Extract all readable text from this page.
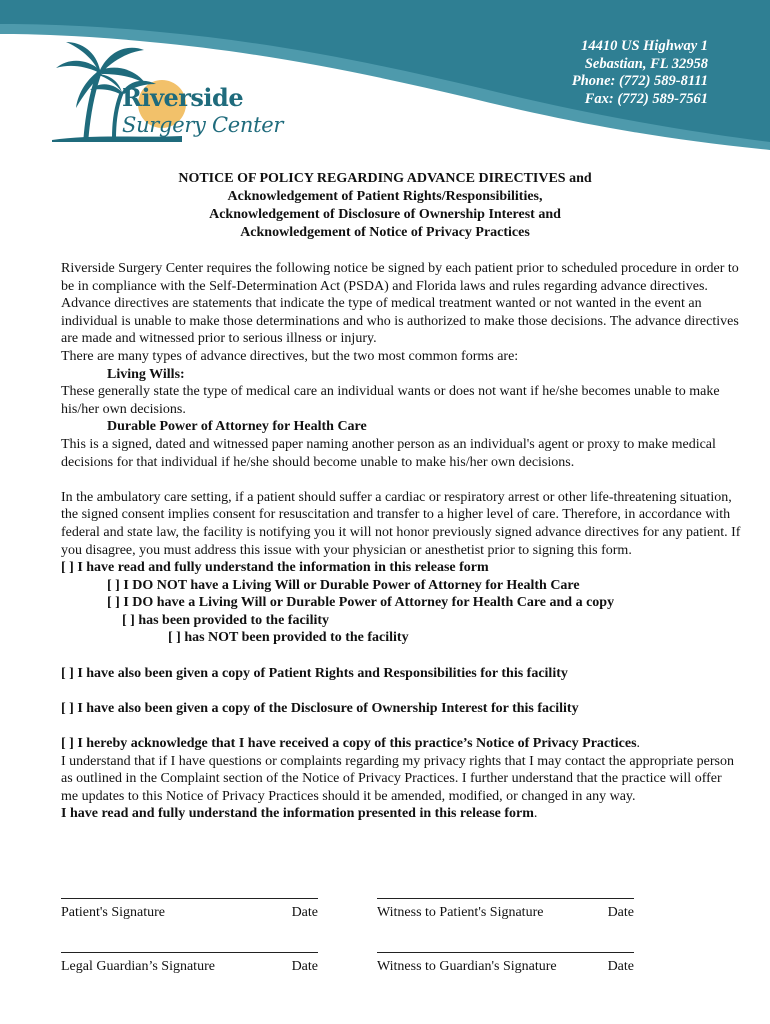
Riverside
Surgery Center
14410 US Highway 1
Sebastian, FL 32958
Phone: (772) 589-8111
Fax: (772) 589-7561
NOTICE OF POLICY REGARDING ADVANCE DIRECTIVES and
Acknowledgement of Patient Rights/Responsibilities,
Acknowledgement of Disclosure of Ownership Interest and
Acknowledgement of Notice of Privacy Practices

Riverside Surgery Center requires the following notice be signed by each patient prior to scheduled procedure in order to be in compliance with the Self-Determination Act (PSDA) and Florida laws and rules regarding advance directives. Advance directives are statements that indicate the type of medical treatment wanted or not wanted in the event an individual is unable to make those determinations and who is authorized to make those decisions. The advance directives are made and witnessed prior to serious illness or injury.

There are many types of advance directives, but the two most common forms are:

Living Wills:

These generally state the type of medical care an individual wants or does not want if he/she becomes unable to make his/her own decisions.

Durable Power of Attorney for Health Care

This is a signed, dated and witnessed paper naming another person as an individual's agent or proxy to make medical decisions for that individual if he/she should become unable to make his/her own decisions.

In the ambulatory care setting, if a patient should suffer a cardiac or respiratory arrest or other life-threatening situation, the signed consent implies consent for resuscitation and transfer to a higher level of care. Therefore, in accordance with federal and state law, the facility is notifying you it will not honor previously signed advance directives for any patient. If you disagree, you must address this issue with your physician or anesthetist prior to signing this form.

[ ] I have read and fully understand the information in this release form

[ ] I DO NOT have a Living Will or Durable Power of Attorney for Health Care

[ ] I DO have a Living Will or Durable Power of Attorney for Health Care and a copy

[ ] has been provided to the facility

[ ] has NOT been provided to the facility

[ ] I have also been given a copy of Patient Rights and Responsibilities for this facility

[ ] I have also been given a copy of the Disclosure of Ownership Interest for this facility

[ ] I hereby acknowledge that I have received a copy of this practice’s Notice of Privacy Practices.

I understand that if I have questions or complaints regarding my privacy rights that I may contact the appropriate person as outlined in the Complaint section of the Notice of Privacy Practices. I further understand that the practice will offer me updates to this Notice of Privacy Practices should it be amended, modified, or changed in any way.

I have read and fully understand the information presented in this release form.

Patient's Signature	Date	Witness to Patient's Signature	Date
Legal Guardian’s Signature	Date	Witness to Guardian's Signature	Date
